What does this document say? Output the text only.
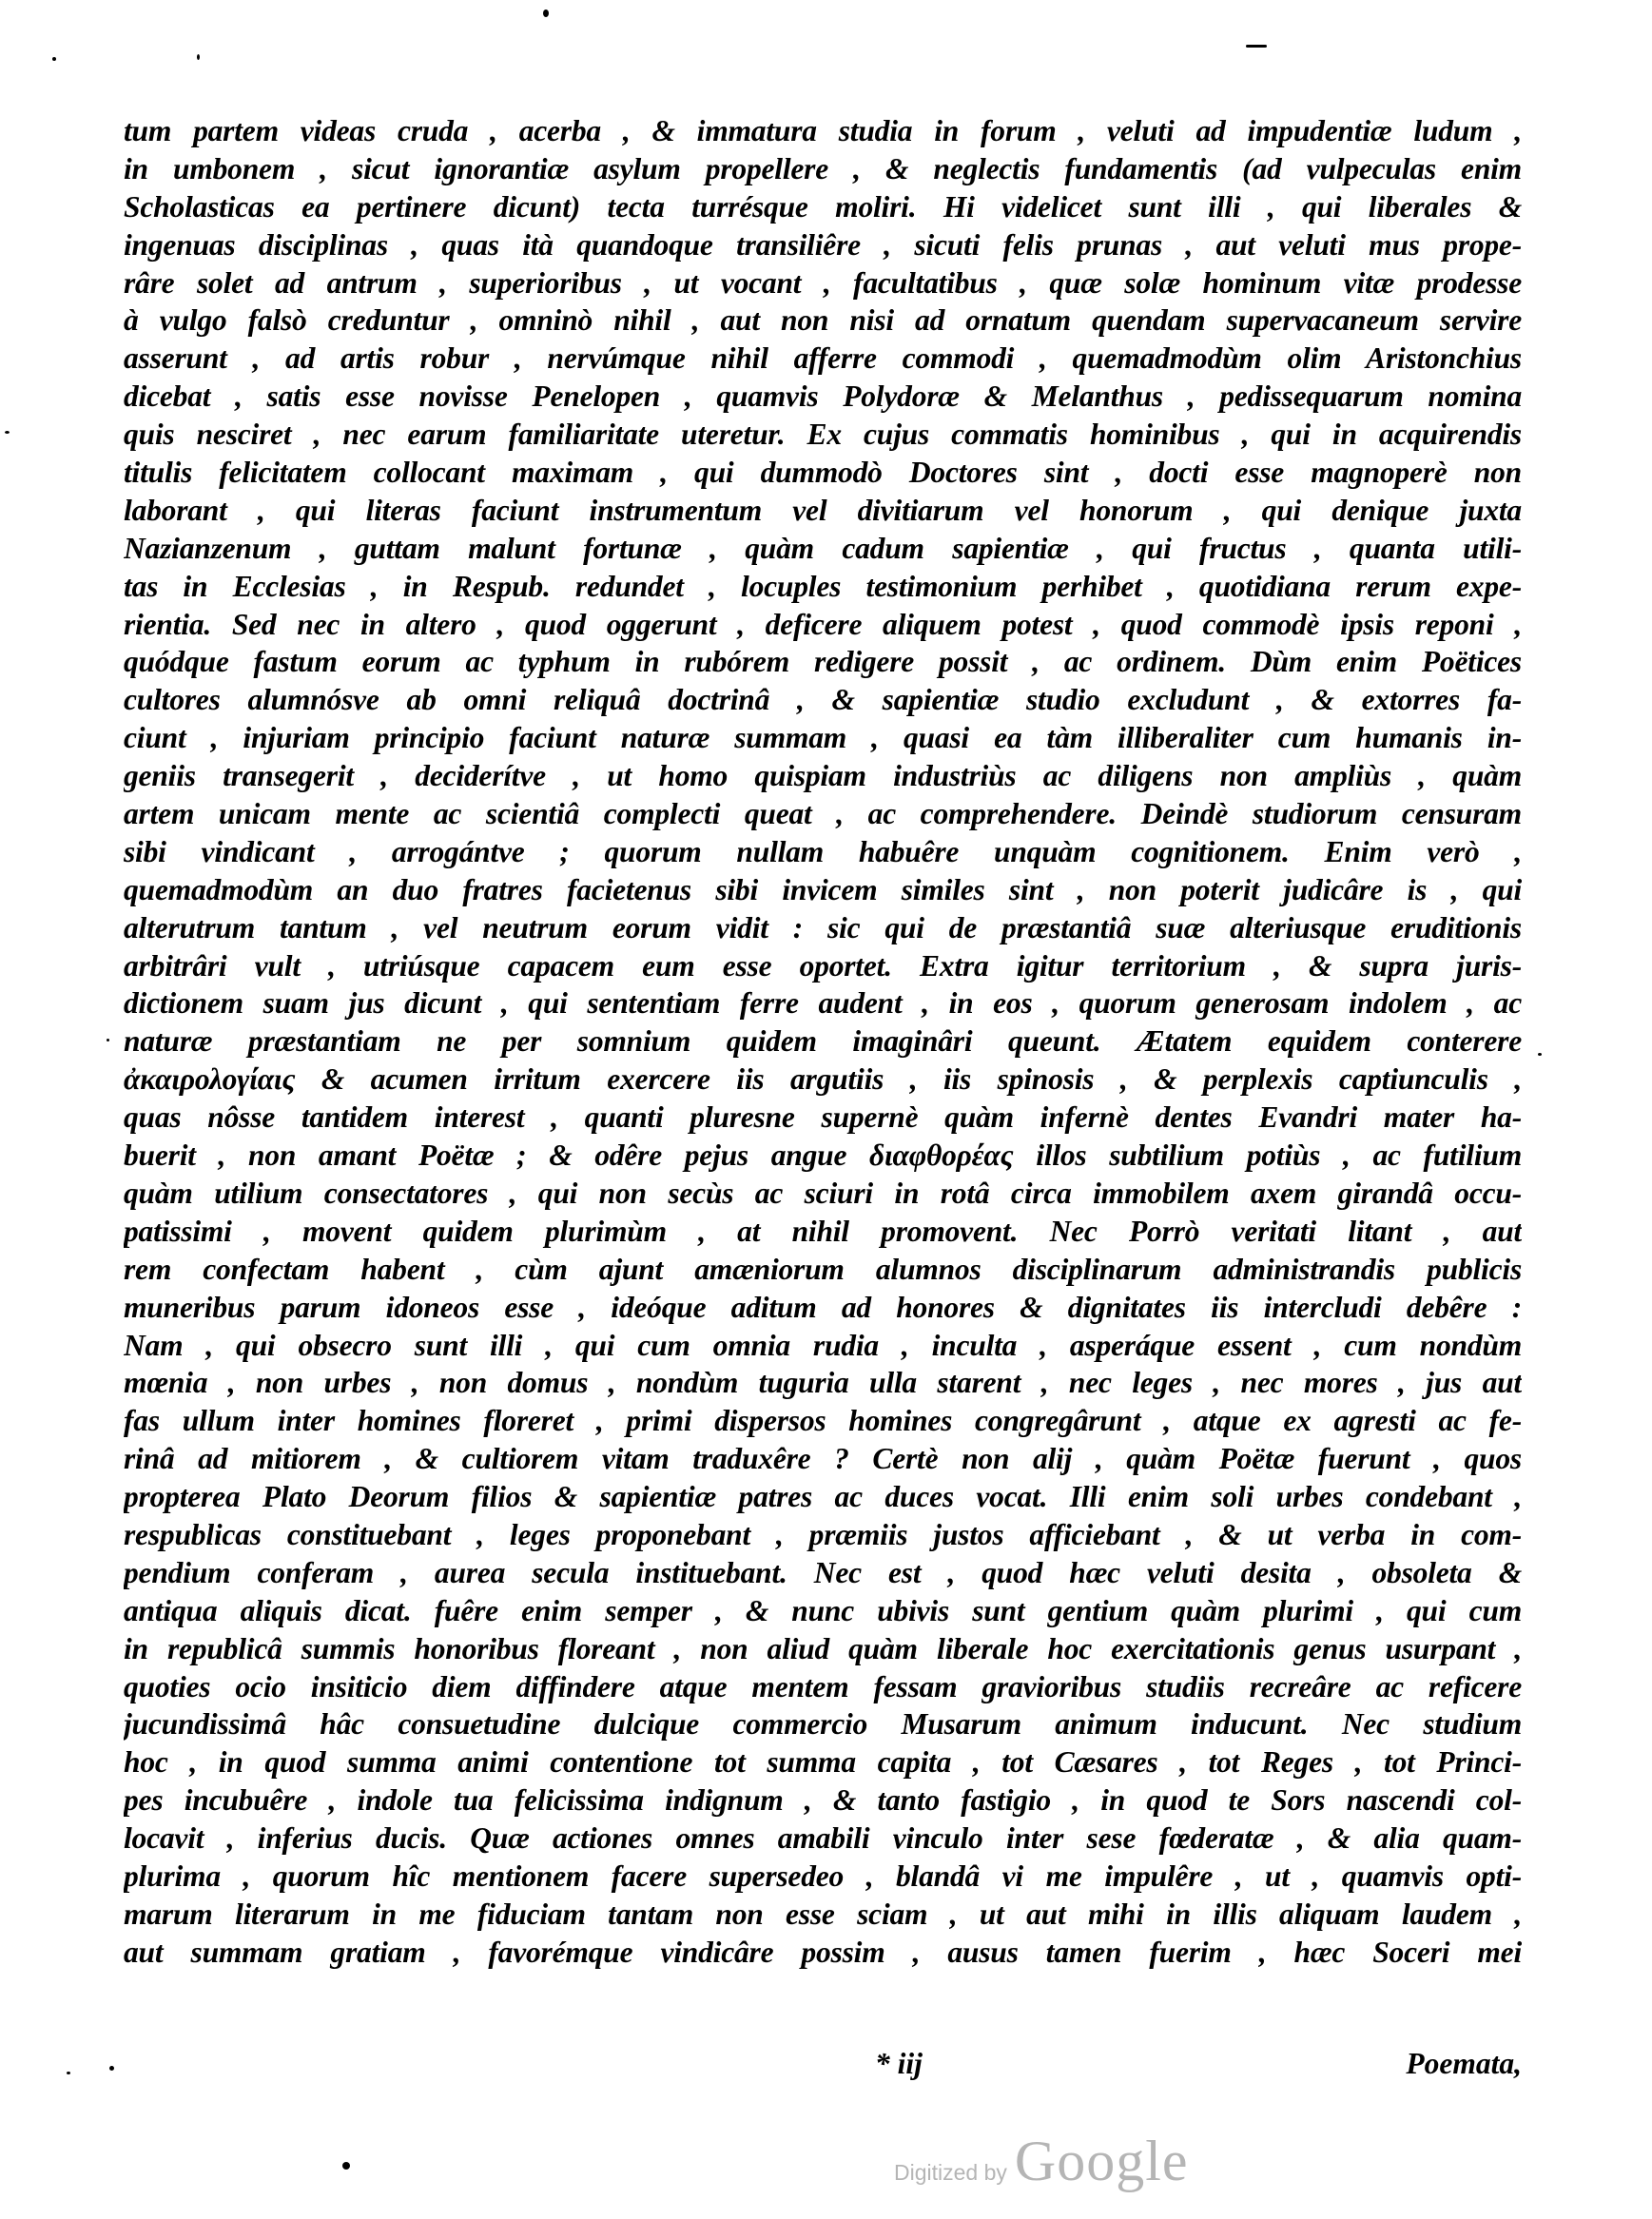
tum partem videas cruda , acerba , & immatura studia in forum , veluti ad impudentiæ ludum ,
in umbonem , sicut ignorantiæ asylum propellere , & neglectis fundamentis (ad vulpeculas enim
Scholasticas ea pertinere dicunt) tecta turrésque moliri. Hi videlicet sunt illi , qui liberales &
ingenuas disciplinas , quas ità quandoque transiliêre , sicuti felis prunas , aut veluti mus prope-
râre solet ad antrum , superioribus , ut vocant , facultatibus , quæ solæ hominum vitæ prodesse
à vulgo falsò creduntur , omninò nihil , aut non nisi ad ornatum quendam supervacaneum servire
asserunt , ad artis robur , nervúmque nihil afferre commodi , quemadmodùm olim Aristonchius
dicebat , satis esse novisse Penelopen , quamvis Polydoræ & Melanthus , pedissequarum nomina
quis nesciret , nec earum familiaritate uteretur. Ex cujus commatis hominibus , qui in acquirendis
titulis felicitatem collocant maximam , qui dummodò Doctores sint , docti esse magnoperè non
laborant , qui literas faciunt instrumentum vel divitiarum vel honorum , qui denique juxta
Nazianzenum , guttam malunt fortunæ , quàm cadum sapientiæ , qui fructus , quanta utili-
tas in Ecclesias , in Respub. redundet , locuples testimonium perhibet , quotidiana rerum expe-
rientia. Sed nec in altero , quod oggerunt , deficere aliquem potest , quod commodè ipsis reponi ,
quódque fastum eorum ac typhum in rubórem redigere possit , ac ordinem. Dùm enim Poëtices
cultores alumnósve ab omni reliquâ doctrinâ , & sapientiæ studio excludunt , & extorres fa-
ciunt , injuriam principio faciunt naturæ summam , quasi ea tàm illiberaliter cum humanis in-
geniis transegerit , deciderítve , ut homo quispiam industriùs ac diligens non ampliùs , quàm
artem unicam mente ac scientiâ complecti queat , ac comprehendere. Deindè studiorum censuram
sibi vindicant , arrogántve ; quorum nullam habuêre unquàm cognitionem. Enim verò ,
quemadmodùm an duo fratres facietenus sibi invicem similes sint , non poterit judicâre is , qui
alterutrum tantum , vel neutrum eorum vidit : sic qui de præstantiâ suæ alteriusque eruditionis
arbitrâri vult , utriúsque capacem eum esse oportet. Extra igitur territorium , & supra juris-
dictionem suam jus dicunt , qui sententiam ferre audent , in eos , quorum generosam indolem , ac
naturæ præstantiam ne per somnium quidem imaginâri queunt. Ætatem equidem conterere
ἀκαιρολογίαις & acumen irritum exercere iis argutiis , iis spinosis , & perplexis captiunculis ,
quas nôsse tantidem interest , quanti pluresne supernè quàm infernè dentes Evandri mater ha-
buerit , non amant Poëtæ ; & odêre pejus angue διαφθορέας illos subtilium potiùs , ac futilium
quàm utilium consectatores , qui non secùs ac sciuri in rotâ circa immobilem axem girandâ occu-
patissimi , movent quidem plurimùm , at nihil promovent. Nec Porrò veritati litant , aut
rem confectam habent , cùm ajunt amæniorum alumnos disciplinarum administrandis publicis
muneribus parum idoneos esse , ideóque aditum ad honores & dignitates iis intercludi debêre :
Nam , qui obsecro sunt illi , qui cum omnia rudia , inculta , asperáque essent , cum nondùm
mœnia , non urbes , non domus , nondùm tuguria ulla starent , nec leges , nec mores , jus aut
fas ullum inter homines floreret , primi dispersos homines congregârunt , atque ex agresti ac fe-
rinâ ad mitiorem , & cultiorem vitam traduxêre ? Certè non alij , quàm Poëtæ fuerunt , quos
propterea Plato Deorum filios & sapientiæ patres ac duces vocat. Illi enim soli urbes condebant ,
respublicas constituebant , leges proponebant , præmiis justos afficiebant , & ut verba in com-
pendium conferam , aurea secula instituebant. Nec est , quod hæc veluti desita , obsoleta &
antiqua aliquis dicat. fuêre enim semper , & nunc ubivis sunt gentium quàm plurimi , qui cum
in republicâ summis honoribus floreant , non aliud quàm liberale hoc exercitationis genus usurpant ,
quoties ocio insiticio diem diffindere atque mentem fessam gravioribus studiis recreâre ac reficere
jucundissimâ hâc consuetudine dulcique commercio Musarum animum inducunt. Nec studium
hoc , in quod summa animi contentione tot summa capita , tot Cæsares , tot Reges , tot Princi-
pes incubuêre , indole tua felicissima indignum , & tanto fastigio , in quod te Sors nascendi col-
locavit , inferius ducis. Quæ actiones omnes amabili vinculo inter sese fœderatæ , & alia quam-
plurima , quorum hîc mentionem facere supersedeo , blandâ vi me impulêre , ut , quamvis opti-
marum literarum in me fiduciam tantam non esse sciam , ut aut mihi in illis aliquam laudem ,
aut summam gratiam , favorémque vindicâre possim , ausus tamen fuerim , hæc Soceri mei
* iij	Poemata,
Digitized by Google
